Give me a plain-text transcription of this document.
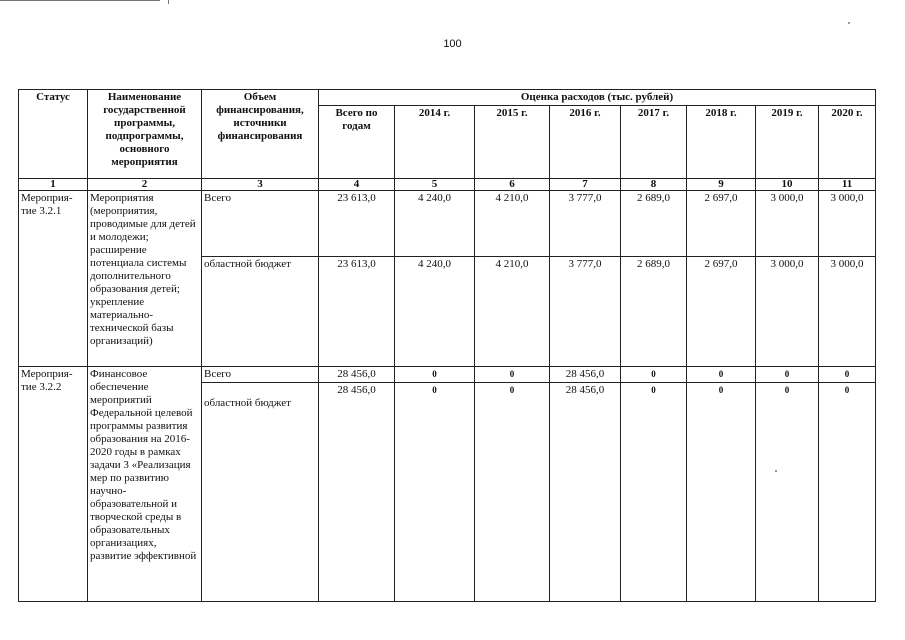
100
Статус	Наименование государственной программы, подпрограммы, основного мероприятия	Объем финансирования, источники финансирования	Оценка расходов (тыс. рублей)							
			Всего по годам	2014 г.	2015 г.	2016 г.	2017 г.	2018 г.	2019 г.	2020 г.
1	2	3	4	5	6	7	8	9	10	11
Мероприя-тие 3.2.1	Мероприятия (мероприятия, проводимые для детей и молодежи; расширение потенциала системы дополнительного образования детей; укрепление материально-технической базы организаций)	Всего	23 613,0	4 240,0	4 210,0	3 777,0	2 689,0	2 697,0	3 000,0	3 000,0
		областной бюджет	23 613,0	4 240,0	4 210,0	3 777,0	2 689,0	2 697,0	3 000,0	3 000,0
Мероприя-тие 3.2.2	Финансовое обеспечение мероприятий Федеральной целевой программы развития образования на 2016-2020 годы в рамках задачи 3 «Реализация мер по развитию научно-образовательной и творческой среды в образовательных организациях, развитие эффективной	Всего	28 456,0	0	0	28 456,0	0	0	0	0
		областной бюджет	28 456,0	0	0	28 456,0	0	0	0	0
